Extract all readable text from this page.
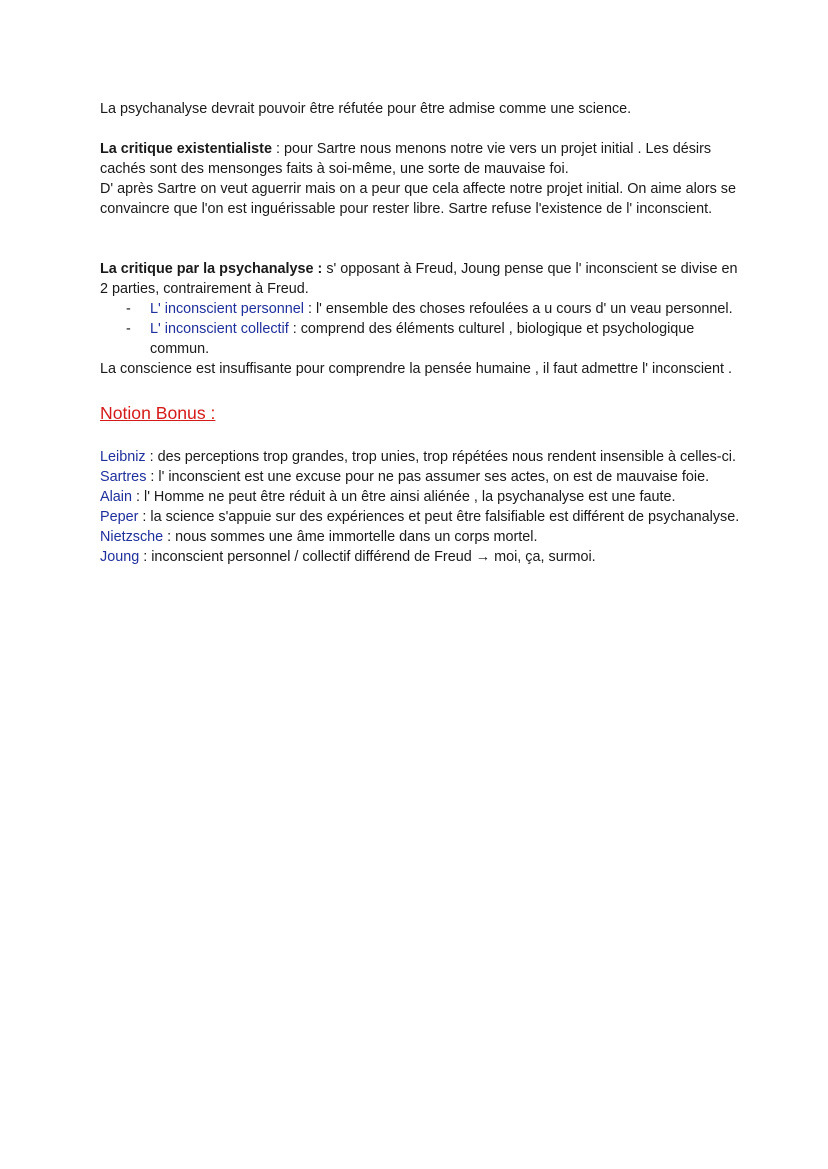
La psychanalyse devrait pouvoir être réfutée pour être admise comme une science.

La critique existentialiste : pour Sartre nous menons notre vie vers un projet initial . Les désirs cachés sont des mensonges faits à soi-même, une sorte de mauvaise foi.

D' après Sartre on veut aguerrir mais on a peur que cela affecte notre projet initial. On aime alors se convaincre que l'on est inguérissable pour rester libre. Sartre refuse l'existence de l' inconscient.

La critique par la psychanalyse : s' opposant à Freud, Joung pense que l' inconscient se divise en 2 parties, contrairement à Freud.

- L' inconscient personnel : l' ensemble des choses refoulées a u cours d' un veau personnel.
- L' inconscient collectif : comprend des éléments culturel , biologique et psychologique commun.

La conscience est insuffisante pour comprendre la pensée humaine , il faut admettre l' inconscient .

Notion Bonus :

Leibniz : des perceptions trop grandes, trop unies, trop répétées nous rendent insensible à celles-ci.

Sartres : l' inconscient est une excuse pour ne pas assumer ses actes, on est de mauvaise foie.

Alain : l' Homme ne peut être réduit à un être ainsi aliénée , la psychanalyse est une faute.

Peper : la science s'appuie sur des expériences et peut être falsifiable est différent de psychanalyse.

Nietzsche : nous sommes une âme immortelle dans un corps mortel.

Joung : inconscient personnel / collectif différend de Freud → moi, ça, surmoi.
